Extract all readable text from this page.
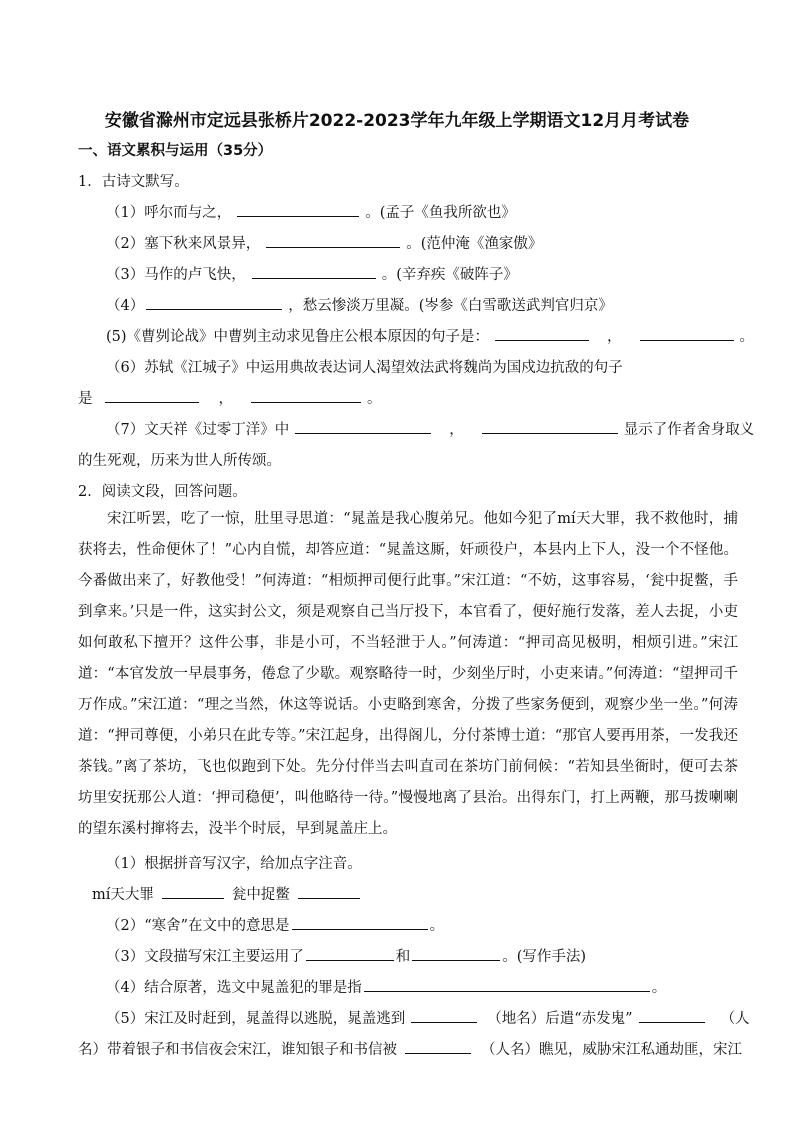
安徽省滁州市定远县张桥片2022-2023学年九年级上学期语文12月月考试卷
一、语文累积与运用（35分）
1．古诗文默写。
（1）呼尔而与之，	。(孟子《鱼我所欲也》
（2）塞下秋来风景异，	。(范仲淹《渔家傲》
（3）马作的卢飞快，	。(辛弃疾《破阵子》
（4）	，愁云惨淡万里凝。(岑参《白雪歌送武判官归京》
(5)《曹刿论战》中曹刿主动求见鲁庄公根本原因的句子是：	，	。
（6）苏轼《江城子》中运用典故表达词人渴望效法武将魏尚为国戍边抗敌的句子
是	，	。
（7）文天祥《过零丁洋》中	，	显示了作者舍身取义
的生死观，历来为世人所传颂。
2．阅读文段，回答问题。
宋江听罢，吃了一惊，肚里寻思道：“晁盖是我心腹弟兄。他如今犯了mí天大罪，我不救他时，捕
获将去，性命便休了！”心内自慌，却答应道：“晁盖这厮，奸顽役户，本县内上下人，没一个不怪他。
今番做出来了，好教他受！”何涛道：“相烦押司便行此事。”宋江道：“不妨，这事容易，‘瓮中捉鳖，手
到拿来。’只是一件，这实封公文，须是观察自己当厅投下，本官看了，便好施行发落，差人去捉，小吏
如何敢私下擅开？这件公事，非是小可，不当轻泄于人。”何涛道：“押司高见极明，相烦引进。”宋江
道：“本官发放一早晨事务，倦怠了少歇。观察略待一时，少刻坐厅时，小吏来请。”何涛道：“望押司千
万作成。”宋江道：“理之当然，休这等说话。小吏略到寒舍，分拨了些家务便到，观察少坐一坐。”何涛
道：“押司尊便，小弟只在此专等。”宋江起身，出得阁儿，分付茶博士道：“那官人要再用茶，一发我还
茶钱。”离了茶坊，飞也似跑到下处。先分付伴当去叫直司在茶坊门前伺候：“若知县坐衙时，便可去茶
坊里安抚那公人道：‘押司稳便’，叫他略待一待。”慢慢地离了县治。出得东门，打上两鞭，那马拨喇喇
的望东溪村撺将去，没半个时辰，早到晁盖庄上。
（1）根据拼音写汉字，给加点字注音。
mí天大罪	瓮中捉鳖
（2）“寒舍”在文中的意思是	。
（3）文段描写宋江主要运用了	和	。(写作手法)
（4）结合原著，选文中晁盖犯的罪是指	。
（5）宋江及时赶到，晁盖得以逃脱，晁盖逃到	（地名）后遣“赤发鬼”	（人
名）带着银子和书信夜会宋江，谁知银子和书信被	（人名）瞧见，威胁宋江私通劫匪，宋江
